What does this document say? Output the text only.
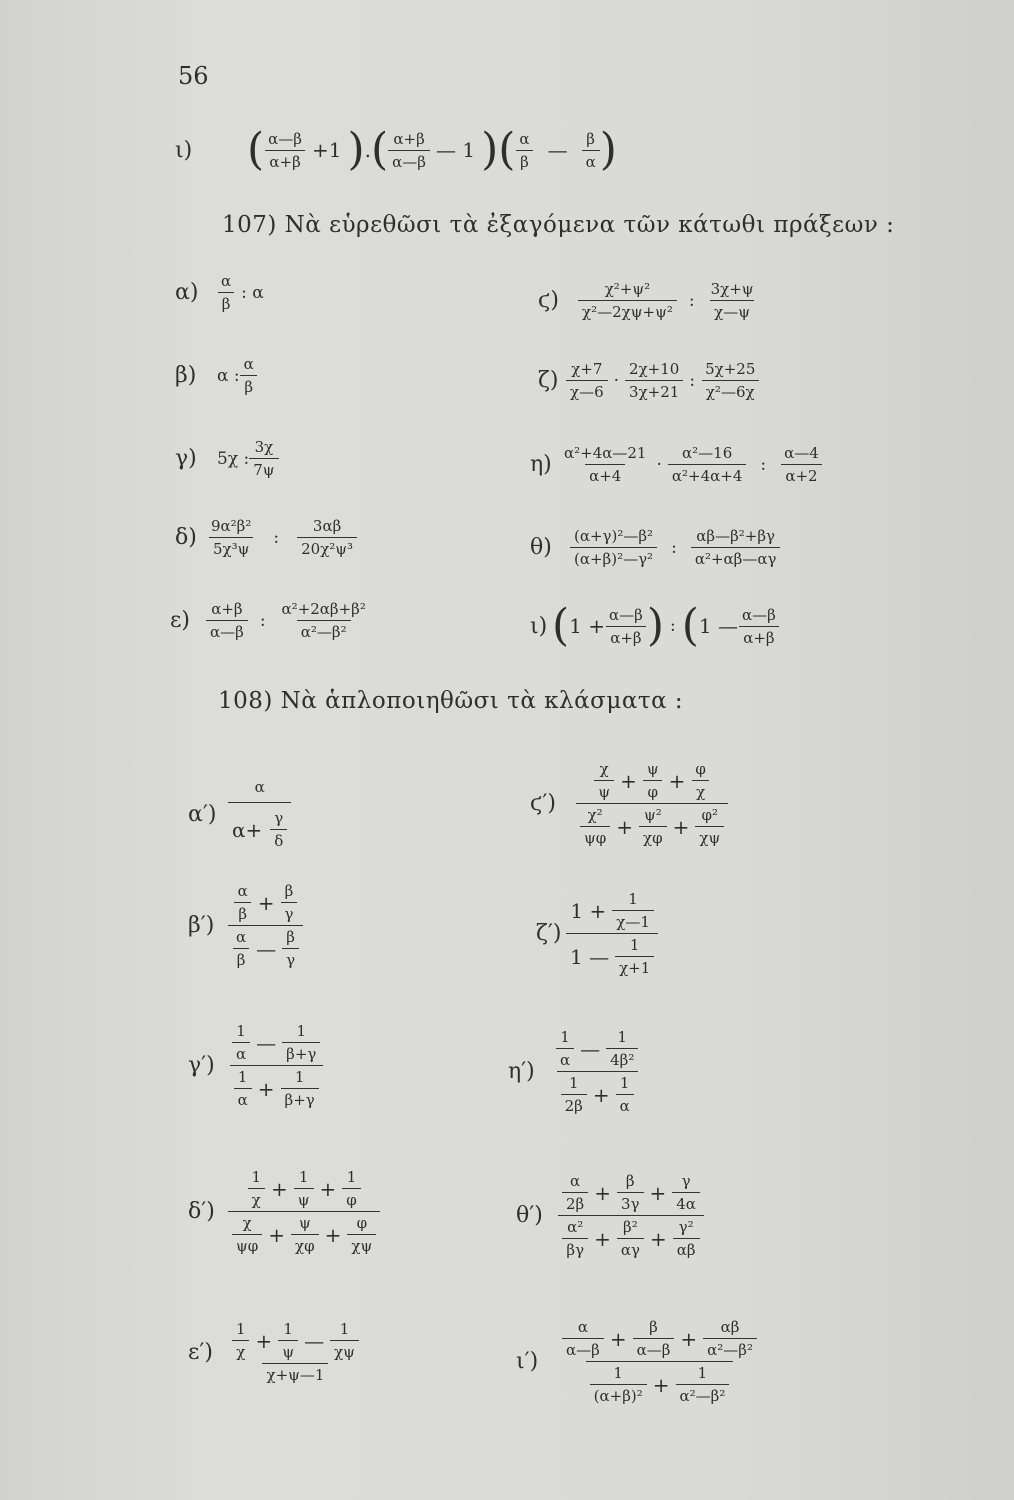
56
ι)	( $\frac{\alpha—\beta}{\alpha+\beta} +1$ ) . ( $\frac{\alpha+\beta}{\alpha—\beta}$ — 1 ) ( $\frac{\alpha}{\beta}$ — $\frac{\beta}{\alpha}$ )
107) Νὰ εὑρεθῶσι τὰ ἐξαγόμενα τῶν κάτωθι πράξεων :
α)	$\frac{\alpha}{\beta}$ : α
β)	α : $\frac{\alpha}{\beta}$
γ)	5χ : $\frac{3\chi}{7\psi}$
$\delta) \frac{\text{9α²β²}}{\text{5χ³ψ}}$	:	$\frac{3\alpha\beta}{\text{20χ²ψ³}}$
ε)	$\frac{\alpha+\beta}{\alpha—\beta}$ : $\frac{\text{α²+2αβ+β²}}{\text{α²—β²}}$
ϛ)	$\frac{\text{χ²+ψ²}}{\text{χ²—2χψ+ψ²}}$ : $\frac{3\chi+\psi}{\chi—\psi}$
$\zeta) \frac{\chi+7}{\chi—6} \cdot \frac{2\chi+10}{3\chi+21}$ : $\frac{5\chi+25}{\text{χ²—6χ}}$
$\eta) \frac{\text{α²+4α—21}}{\alpha+4} \cdot \frac{\text{α²—16}}{\text{α²+4α+4}}$ : $\frac{\alpha—4}{\alpha+2}$
θ)	$\frac{\text{(α+γ)²—β²}}{\text{(α+β)²—γ²}}$ : $\frac{\text{αβ—β²+βγ}}{\text{α²+αβ—αγ}}$
ι) ( $1 + \frac{\alpha—\beta}{\alpha+\beta}$ ) : ( 1 — $\frac{\alpha—\beta}{\alpha+\beta}$
108) Νὰ ἁπλοποιηθῶσι τὰ κλάσματα :
$\alpha') \frac{\alpha}{\alpha+ \frac{\gamma}{\delta}}$
$\beta') \frac{\frac{\alpha}{\beta} + \frac{\beta}{\gamma}}{\frac{\alpha}{\beta} — \frac{\beta}{\gamma}}$
$\gamma') \frac{\frac{1}{\alpha} — \frac{1}{\beta+\gamma}}{\frac{1}{\alpha} + \frac{1}{\beta+\gamma}}$
$\delta') \frac{\frac{1}{\chi} + \frac{1}{\psi} + \frac{1}{\varphi}}{\frac{\chi}{\psi\varphi} + \frac{\psi}{\chi\varphi} + \frac{\varphi}{\chi\psi}}$
ε′)	$\frac{\frac{1}{\chi} + \frac{1}{\psi} — \frac{1}{\chi\psi}}{\chi+\psi—1}$
ϛ′)	$\frac{\frac{\chi}{\psi} + \frac{\psi}{\varphi} + \frac{\varphi}{\chi}}{\frac{\text{χ²}}{\psi\varphi} + \frac{\text{ψ²}}{\chi\varphi} + \frac{\text{φ²}}{\chi\psi}}$
$\zeta') \frac{1 + \frac{1}{\chi—1}}{1 — \frac{1}{\chi+1}}$
η′)	$\frac{\frac{1}{\alpha} — \frac{1}{\text{4β²}}}{\frac{1}{2\beta} + \frac{1}{\alpha}}$
θ′)	$\frac{\frac{\alpha}{2\beta} + \frac{\beta}{3\gamma} + \frac{\gamma}{4\alpha}}{\frac{\text{α²}}{\beta\gamma} + \frac{\text{β²}}{\alpha\gamma} + \frac{\text{γ²}}{\alpha\beta}}$
ι′)	$\frac{\frac{\alpha}{\alpha—\beta} + \frac{\beta}{\alpha—\beta} + \frac{\alpha\beta}{\text{α²—β²}}}{\frac{1}{\text{(α+β)²}} + \frac{1}{\text{α²—β²}}}$
